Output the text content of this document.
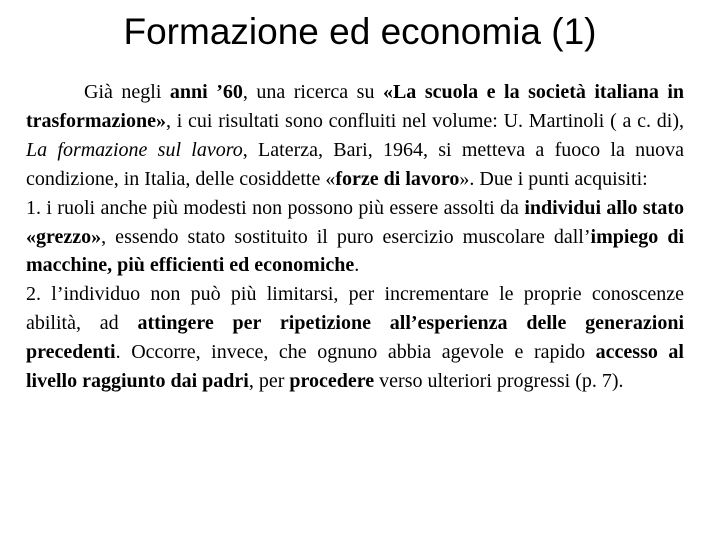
Formazione ed economia (1)

Già negli anni ’60, una ricerca su «La scuola e la società italiana in trasformazione», i cui risultati sono confluiti nel volume: U. Martinoli ( a c. di), La formazione sul lavoro, Laterza, Bari, 1964, si metteva a fuoco la nuova condizione, in Italia, delle cosiddette «forze di lavoro». Due i punti acquisiti:

1. i ruoli anche più modesti non possono più essere assolti da individui allo stato «grezzo», essendo stato sostituito il puro esercizio muscolare dall’impiego di macchine, più efficienti ed economiche.

2. l’individuo non può più limitarsi, per incrementare le proprie conoscenze abilità, ad attingere per ripetizione all’esperienza delle generazioni precedenti. Occorre, invece, che ognuno abbia agevole e rapido accesso al livello raggiunto dai padri, per procedere verso ulteriori progressi (p. 7).
